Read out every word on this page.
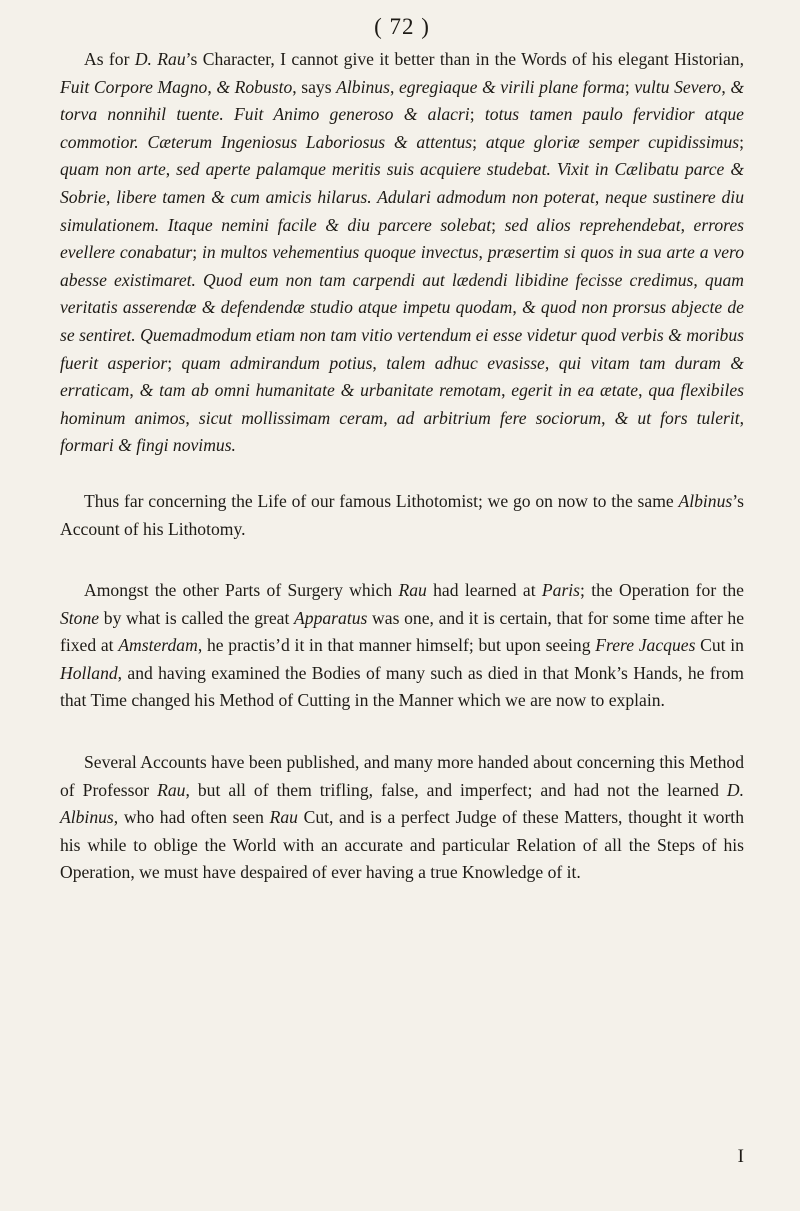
( 72 )

As for D. Rau’s Character, I cannot give it better than in the Words of his elegant Historian, Fuit Corpore Magno, & Robusto, says Albinus, egregiaque & virili plane forma; vultu Severo, & torva nonnihil tuente. Fuit Animo generoso & alacri; totus tamen paulo fervidior atque commotior. Cæterum Ingeniosus Laboriosus & attentus; atque gloriæ semper cupidissimus; quam non arte, sed aperte palamque meritis suis acquiere studebat. Vixit in Cælibatu parce & Sobrie, libere tamen & cum amicis hilarus. Adulari admodum non poterat, neque sustinere diu simulationem. Itaque nemini facile & diu parcere solebat; sed alios reprehendebat, errores evellere conabatur; in multos vehementius quoque invectus, præsertim si quos in sua arte a vero abesse existimaret. Quod eum non tam carpendi aut lædendi libidine fecisse credimus, quam veritatis asserendæ & defendendæ studio atque impetu quodam, & quod non prorsus abjecte de se sentiret. Quemadmodum etiam non tam vitio vertendum ei esse videtur quod verbis & moribus fuerit asperior; quam admirandum potius, talem adhuc evasisse, qui vitam tam duram & erraticam, & tam ab omni humanitate & urbanitate remotam, egerit in ea ætate, qua flexibiles hominum animos, sicut mollissimam ceram, ad arbitrium fere sociorum, & ut fors tulerit, formari & fingi novimus.

Thus far concerning the Life of our famous Lithotomist; we go on now to the same Albinus’s Account of his Lithotomy.

Amongst the other Parts of Surgery which Rau had learned at Paris; the Operation for the Stone by what is called the great Apparatus was one, and it is certain, that for some time after he fixed at Amsterdam, he practis’d it in that manner himself; but upon seeing Frere Jacques Cut in Holland, and having examined the Bodies of many such as died in that Monk’s Hands, he from that Time changed his Method of Cutting in the Manner which we are now to explain.

Several Accounts have been published, and many more handed about concerning this Method of Professor Rau, but all of them trifling, false, and imperfect; and had not the learned D. Albinus, who had often seen Rau Cut, and is a perfect Judge of these Matters, thought it worth his while to oblige the World with an accurate and particular Relation of all the Steps of his Operation, we must have despaired of ever having a true Knowledge of it.

I
